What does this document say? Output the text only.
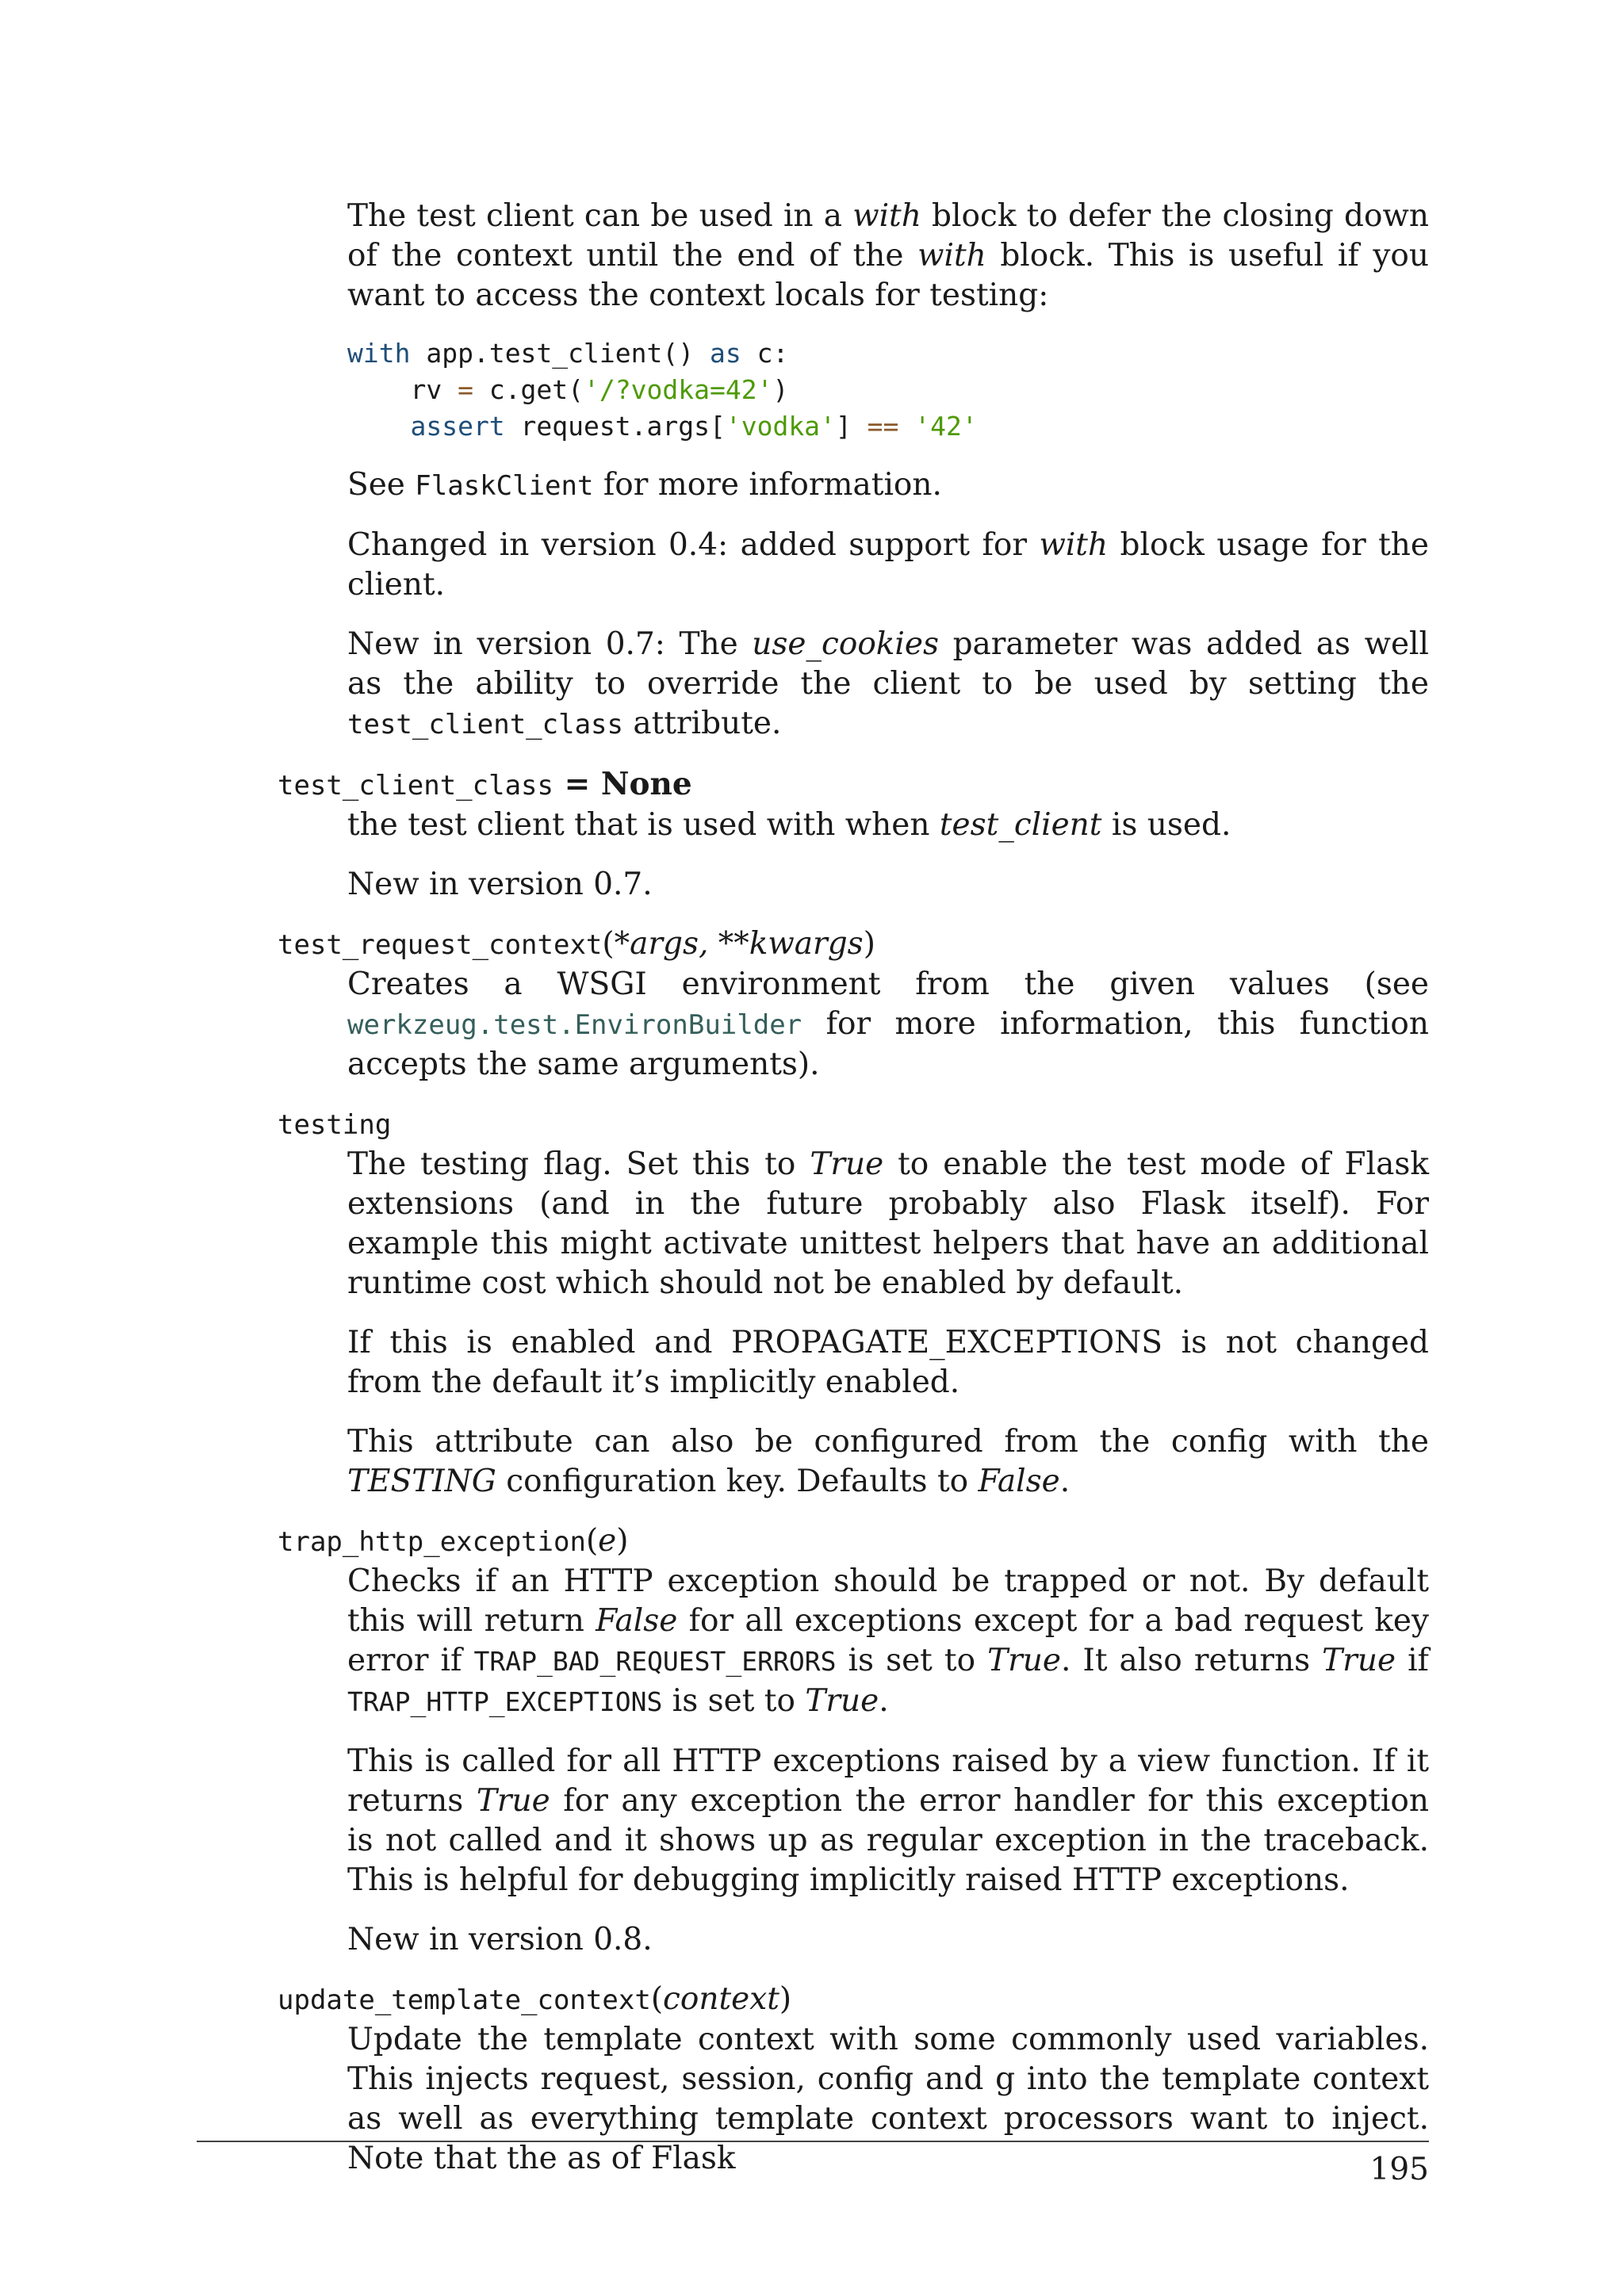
The test client can be used in a with block to defer the closing down of the context until the end of the with block. This is useful if you want to access the context locals for testing:

with app.test_client() as c:
rv = c.get('/?vodka=42')
assert request.args['vodka'] == '42'

See FlaskClient for more information.

Changed in version 0.4: added support for with block usage for the client.

New in version 0.7: The use_cookies parameter was added as well as the ability to override the client to be used by setting the test_client_class attribute.

test_client_class = None

the test client that is used with when test_client is used.

New in version 0.7.

test_request_context(*args, **kwargs)

Creates a WSGI environment from the given values (see werkzeug.test.EnvironBuilder for more information, this function accepts the same arguments).

testing

The testing flag. Set this to True to enable the test mode of Flask extensions (and in the future probably also Flask itself). For example this might activate unittest helpers that have an additional runtime cost which should not be enabled by default.

If this is enabled and PROPAGATE_EXCEPTIONS is not changed from the default it’s implicitly enabled.

This attribute can also be configured from the config with the TESTING configuration key. Defaults to False.

trap_http_exception(e)

Checks if an HTTP exception should be trapped or not. By default this will return False for all exceptions except for a bad request key error if TRAP_BAD_REQUEST_ERRORS is set to True. It also returns True if TRAP_HTTP_EXCEPTIONS is set to True.

This is called for all HTTP exceptions raised by a view function. If it returns True for any exception the error handler for this exception is not called and it shows up as regular exception in the traceback. This is helpful for debugging implicitly raised HTTP exceptions.

New in version 0.8.

update_template_context(context)

Update the template context with some commonly used variables. This injects request, session, config and g into the template context as well as everything template context processors want to inject. Note that the as of Flask	195
